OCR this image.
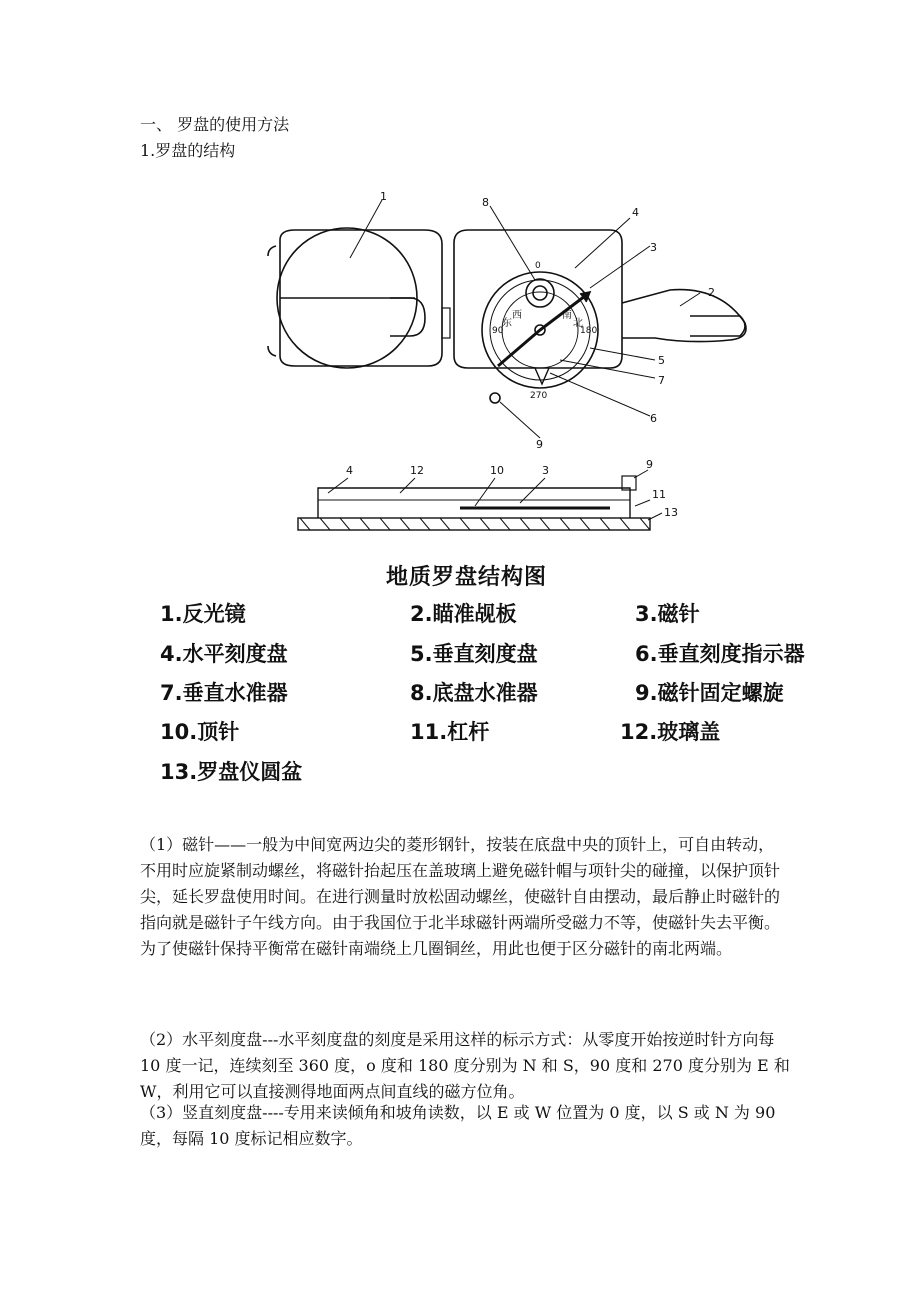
一、 罗盘的使用方法
1.罗盘的结构
1
2
3
4
5
6
7
8
9
4	12	10	3	9
11
13
0
90
270
180
北
东
西	南
地质罗盘结构图
1.反光镜	2.瞄准觇板	3.磁针
4.水平刻度盘	5.垂直刻度盘	6.垂直刻度指示器
7.垂直水准器	8.底盘水准器	9.磁针固定螺旋
10.顶针	11.杠杆	12.玻璃盖
13.罗盘仪圆盆
（1）磁针——一般为中间宽两边尖的菱形钢针，按装在底盘中央的顶针上，可自由转动，不用时应旋紧制动螺丝，将磁针抬起压在盖玻璃上避免磁针帽与项针尖的碰撞，以保护顶针尖，延长罗盘使用时间。在进行测量时放松固动螺丝，使磁针自由摆动，最后静止时磁针的指向就是磁针子午线方向。由于我国位于北半球磁针两端所受磁力不等，使磁针失去平衡。为了使磁针保持平衡常在磁针南端绕上几圈铜丝，用此也便于区分磁针的南北两端。
（2）水平刻度盘---水平刻度盘的刻度是采用这样的标示方式：从零度开始按逆时针方向每 10 度一记，连续刻至 360 度，o 度和 180 度分别为 N 和 S，90 度和 270 度分别为 E 和 W，利用它可以直接测得地面两点间直线的磁方位角。
（3）竖直刻度盘----专用来读倾角和坡角读数，以 E 或 W 位置为 0 度，以 S 或 N 为 90 度，每隔 10 度标记相应数字。
